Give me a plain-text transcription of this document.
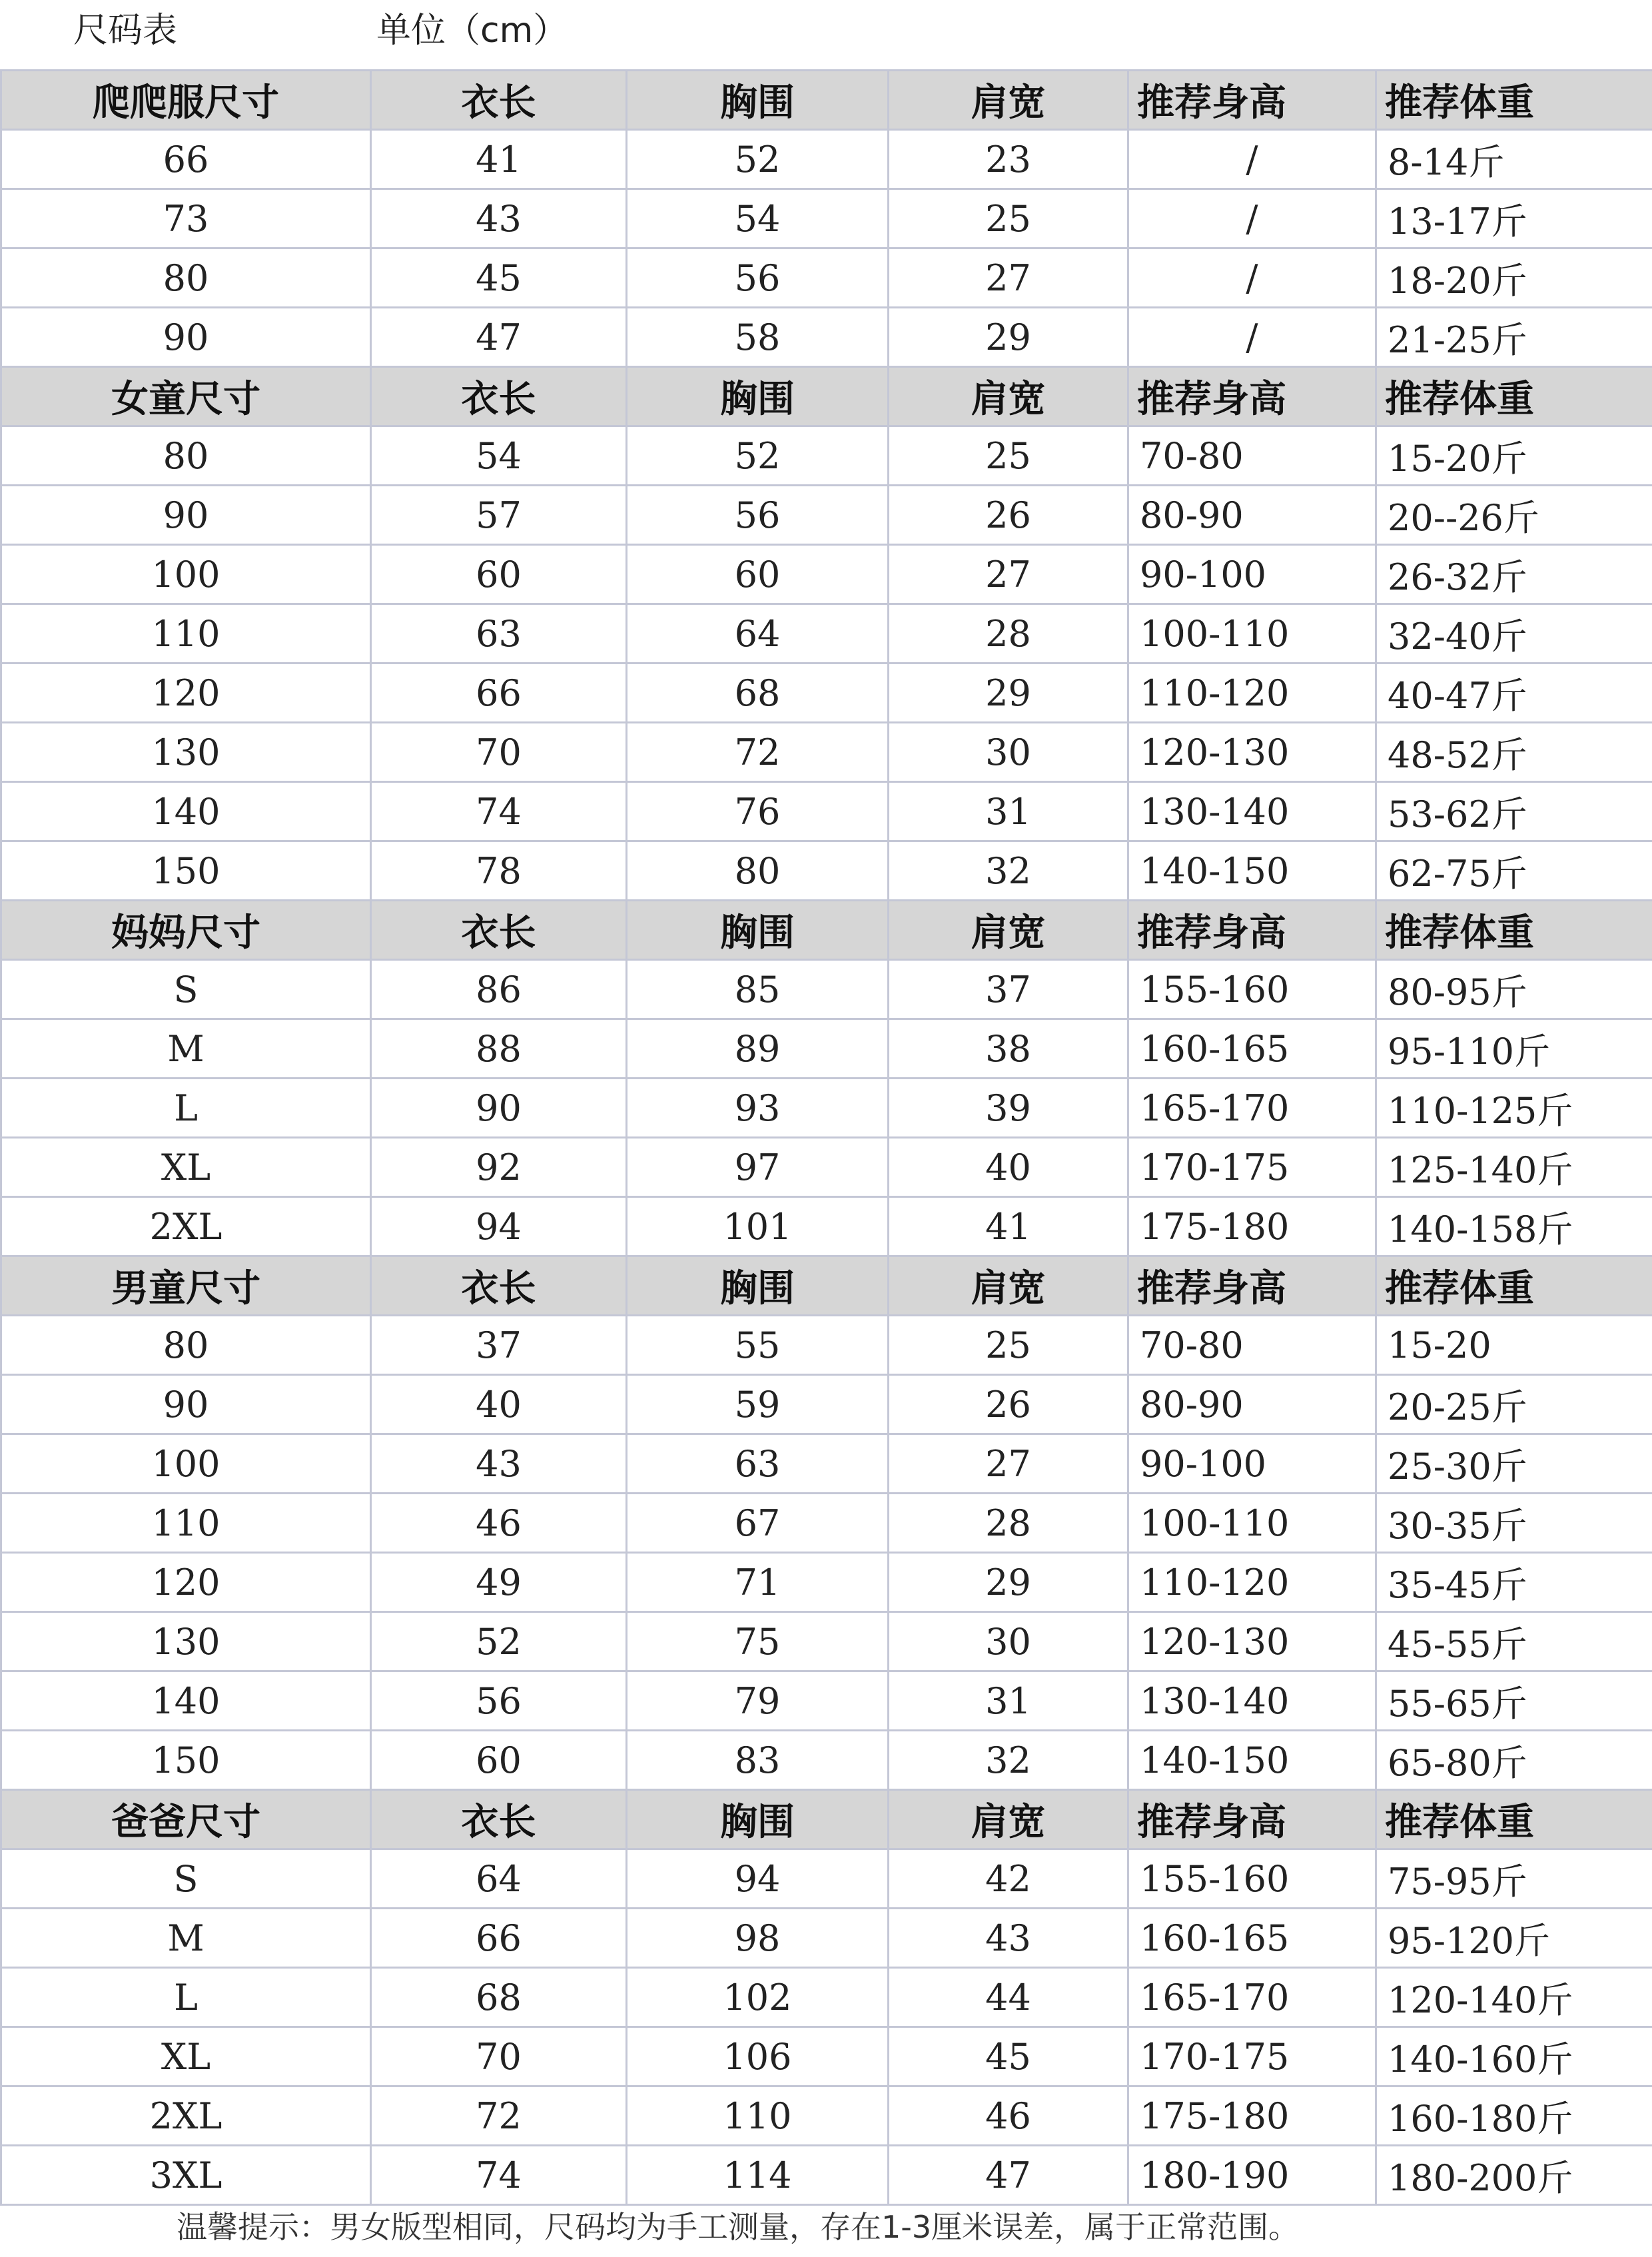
尺码表	单位（cm）
爬爬服尺寸	衣长	胸围	肩宽	推荐身高	推荐体重
66	41	52	23	/	8-14斤
73	43	54	25	/	13-17斤
80	45	56	27	/	18-20斤
90	47	58	29	/	21-25斤
女童尺寸	衣长	胸围	肩宽	推荐身高	推荐体重
80	54	52	25	70-80	15-20斤
90	57	56	26	80-90	20--26斤
100	60	60	27	90-100	26-32斤
110	63	64	28	100-110	32-40斤
120	66	68	29	110-120	40-47斤
130	70	72	30	120-130	48-52斤
140	74	76	31	130-140	53-62斤
150	78	80	32	140-150	62-75斤
妈妈尺寸	衣长	胸围	肩宽	推荐身高	推荐体重
S	86	85	37	155-160	80-95斤
M	88	89	38	160-165	95-110斤
L	90	93	39	165-170	110-125斤
XL	92	97	40	170-175	125-140斤
2XL	94	101	41	175-180	140-158斤
男童尺寸	衣长	胸围	肩宽	推荐身高	推荐体重
80	37	55	25	70-80	15-20
90	40	59	26	80-90	20-25斤
100	43	63	27	90-100	25-30斤
110	46	67	28	100-110	30-35斤
120	49	71	29	110-120	35-45斤
130	52	75	30	120-130	45-55斤
140	56	79	31	130-140	55-65斤
150	60	83	32	140-150	65-80斤
爸爸尺寸	衣长	胸围	肩宽	推荐身高	推荐体重
S	64	94	42	155-160	75-95斤
M	66	98	43	160-165	95-120斤
L	68	102	44	165-170	120-140斤
XL	70	106	45	170-175	140-160斤
2XL	72	110	46	175-180	160-180斤
3XL	74	114	47	180-190	180-200斤
温馨提示：男女版型相同，尺码均为手工测量，存在1-3厘米误差，属于正常范围。
